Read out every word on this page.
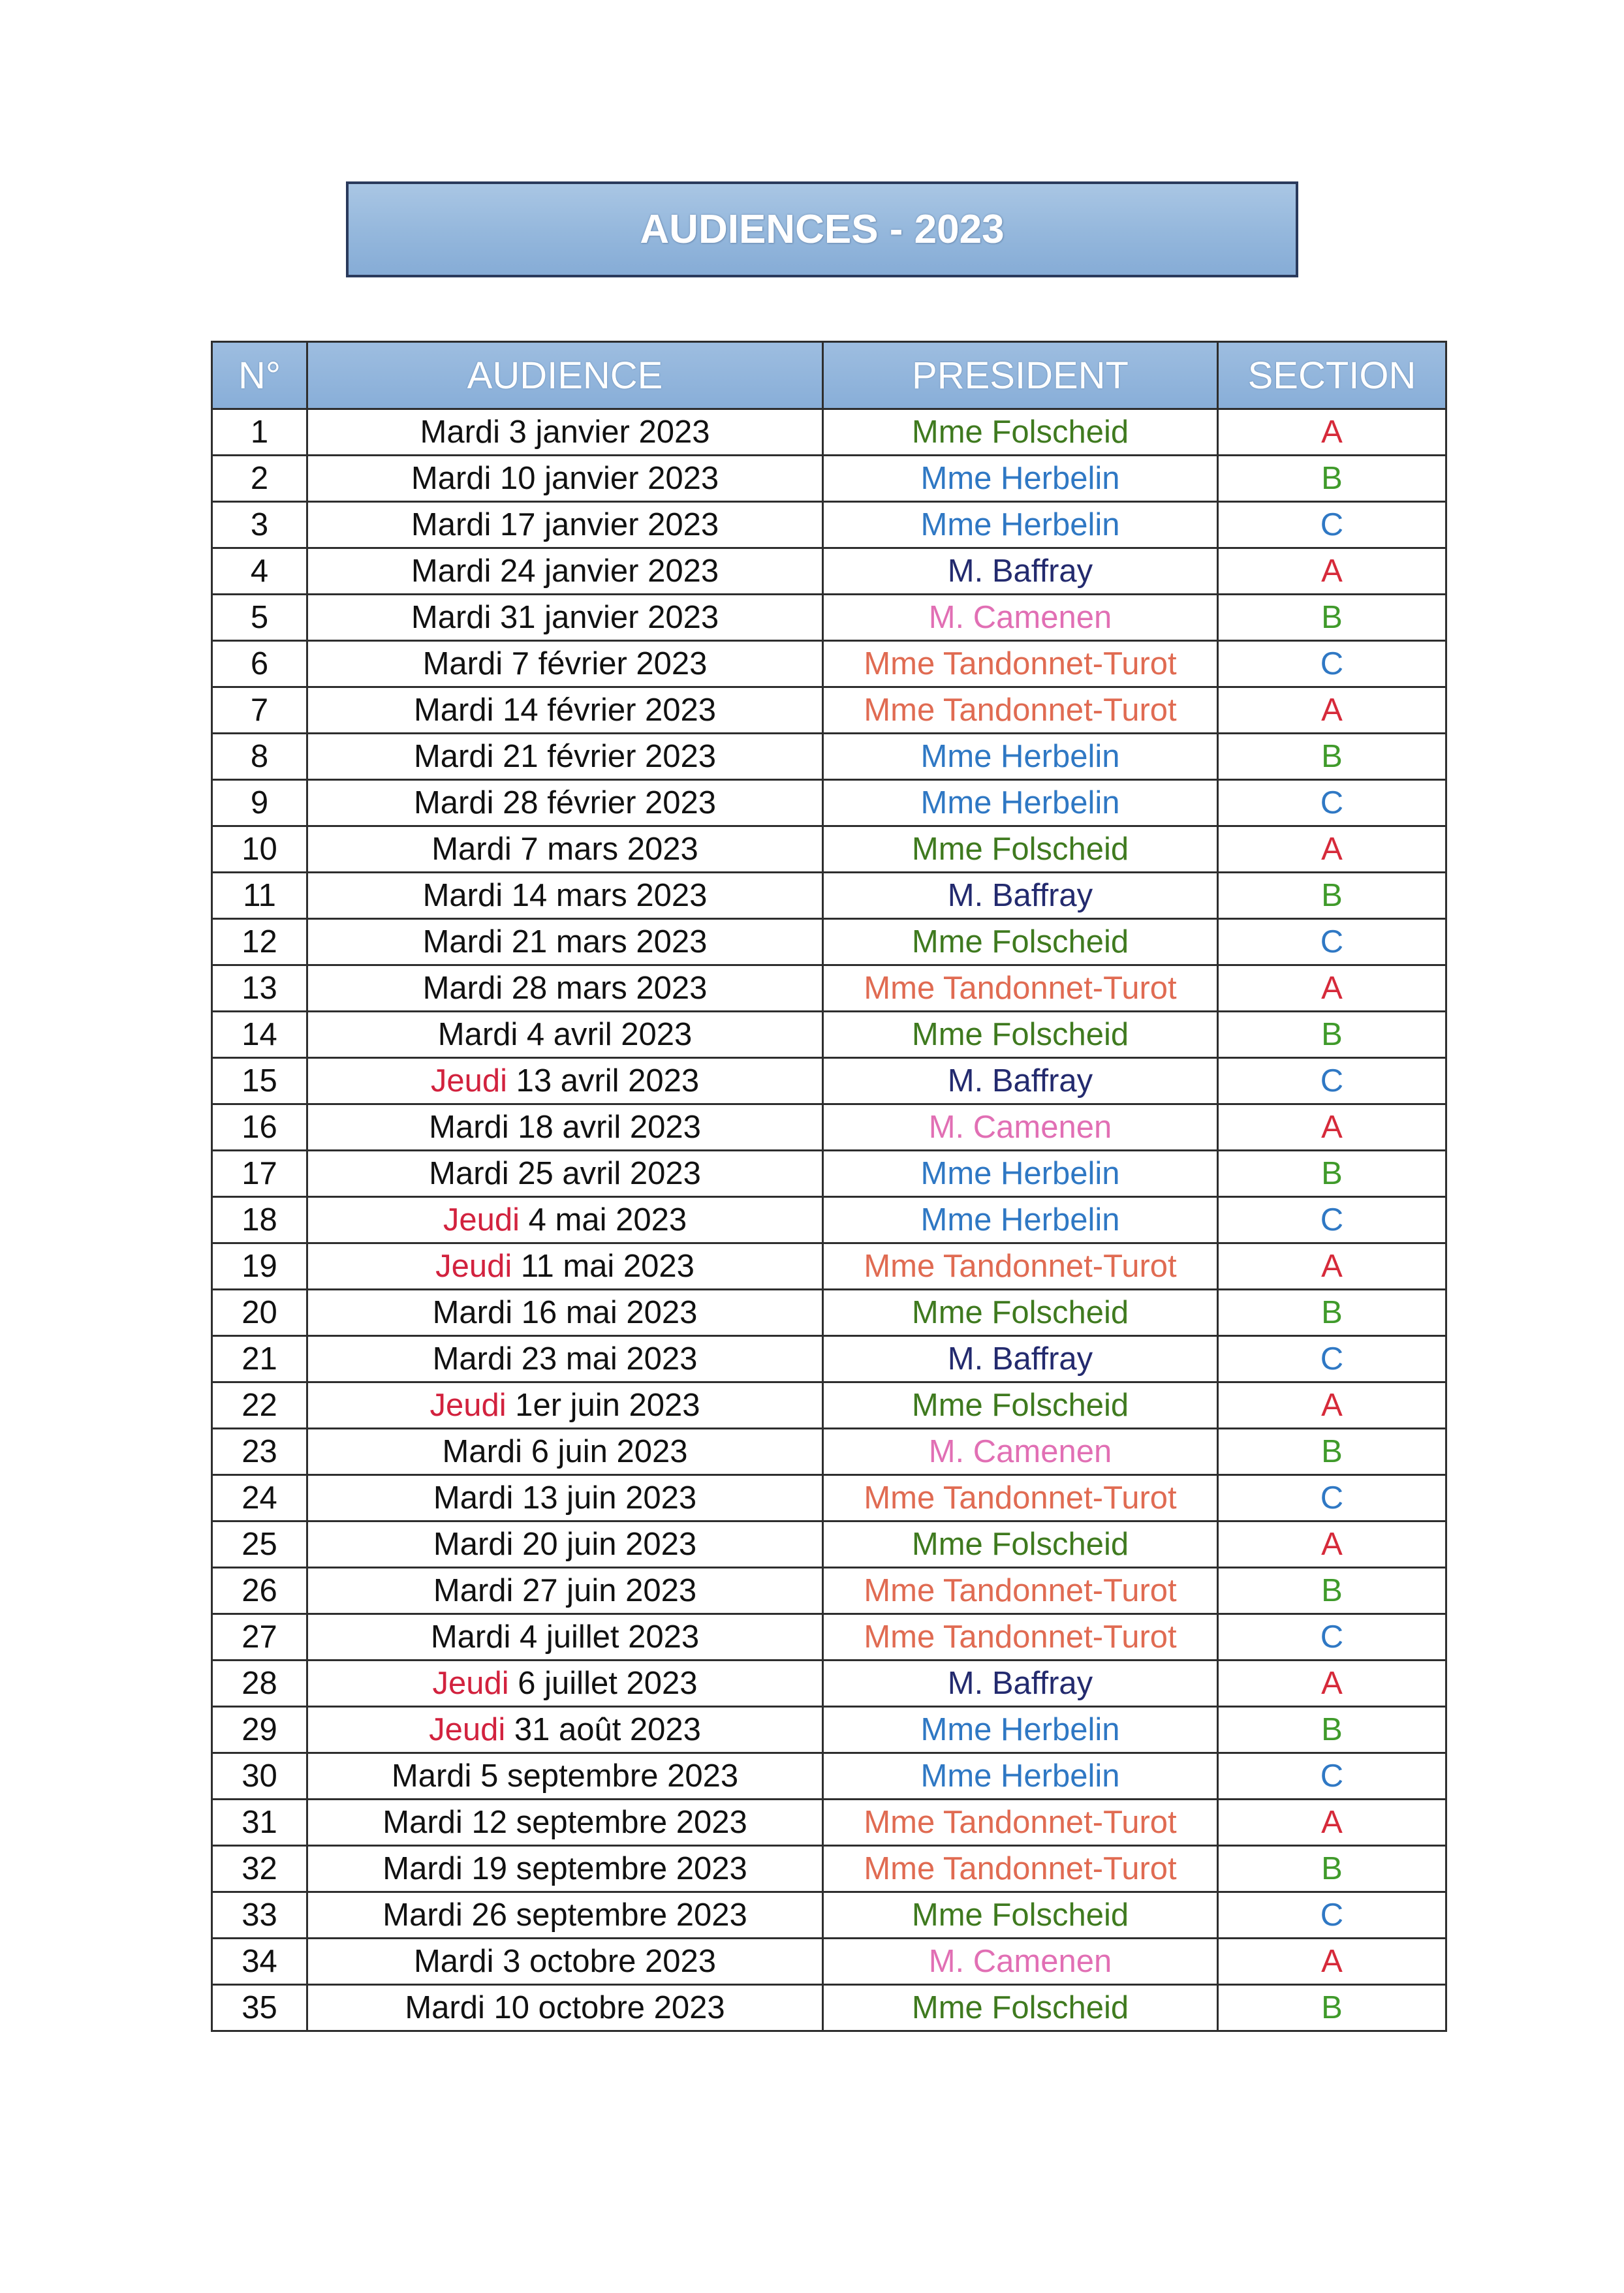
AUDIENCES - 2023
N°	AUDIENCE	PRESIDENT	SECTION
1	Mardi 3 janvier 2023	Mme Folscheid	A
2	Mardi 10 janvier 2023	Mme Herbelin	B
3	Mardi 17 janvier 2023	Mme Herbelin	C
4	Mardi 24 janvier 2023	M. Baffray	A
5	Mardi 31 janvier 2023	M. Camenen	B
6	Mardi 7 février 2023	Mme Tandonnet-Turot	C
7	Mardi 14 février 2023	Mme Tandonnet-Turot	A
8	Mardi 21 février 2023	Mme Herbelin	B
9	Mardi 28 février 2023	Mme Herbelin	C
10	Mardi 7 mars 2023	Mme Folscheid	A
11	Mardi 14 mars 2023	M. Baffray	B
12	Mardi 21 mars 2023	Mme Folscheid	C
13	Mardi 28 mars 2023	Mme Tandonnet-Turot	A
14	Mardi 4 avril 2023	Mme Folscheid	B
15	Jeudi 13 avril 2023	M. Baffray	C
16	Mardi 18 avril 2023	M. Camenen	A
17	Mardi 25 avril 2023	Mme Herbelin	B
18	Jeudi 4 mai 2023	Mme Herbelin	C
19	Jeudi 11 mai 2023	Mme Tandonnet-Turot	A
20	Mardi 16 mai 2023	Mme Folscheid	B
21	Mardi 23 mai 2023	M. Baffray	C
22	Jeudi 1er juin 2023	Mme Folscheid	A
23	Mardi 6 juin 2023	M. Camenen	B
24	Mardi 13 juin 2023	Mme Tandonnet-Turot	C
25	Mardi 20 juin 2023	Mme Folscheid	A
26	Mardi 27 juin 2023	Mme Tandonnet-Turot	B
27	Mardi 4 juillet 2023	Mme Tandonnet-Turot	C
28	Jeudi 6 juillet 2023	M. Baffray	A
29	Jeudi 31 août 2023	Mme Herbelin	B
30	Mardi 5 septembre 2023	Mme Herbelin	C
31	Mardi 12 septembre 2023	Mme Tandonnet-Turot	A
32	Mardi 19 septembre 2023	Mme Tandonnet-Turot	B
33	Mardi 26 septembre 2023	Mme Folscheid	C
34	Mardi 3 octobre 2023	M. Camenen	A
35	Mardi 10 octobre 2023	Mme Folscheid	B
